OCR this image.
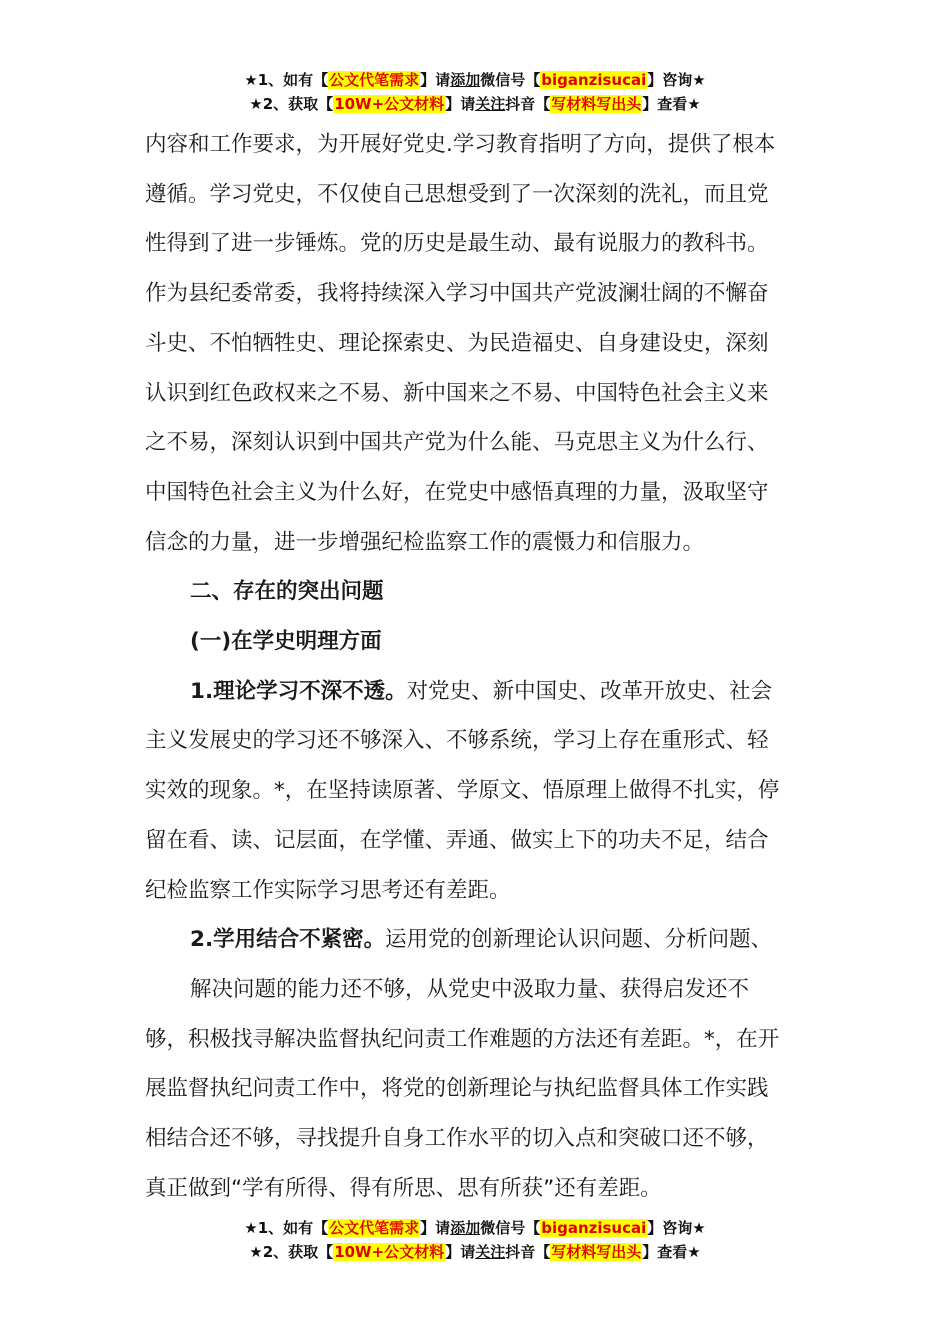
★1、如有【公文代笔需求】请添加微信号【biganzisucai】咨询★
★2、获取【10W+公文材料】请关注抖音【写材料写出头】查看★

内容和工作要求，为开展好党史.学习教育指明了方向，提供了根本

遵循。学习党史，不仅使自己思想受到了一次深刻的洗礼，而且党

性得到了进一步锤炼。党的历史是最生动、最有说服力的教科书。

作为县纪委常委，我将持续深入学习中国共产党波澜壮阔的不懈奋

斗史、不怕牺牲史、理论探索史、为民造福史、自身建设史，深刻

认识到红色政权来之不易、新中国来之不易、中国特色社会主义来

之不易，深刻认识到中国共产党为什么能、马克思主义为什么行、

中国特色社会主义为什么好，在党史中感悟真理的力量，汲取坚守

信念的力量，进一步增强纪检监察工作的震慑力和信服力。

二、存在的突出问题

(一)在学史明理方面

1.理论学习不深不透。对党史、新中国史、改革开放史、社会

主义发展史的学习还不够深入、不够系统，学习上存在重形式、轻

实效的现象。*，在坚持读原著、学原文、悟原理上做得不扎实，停

留在看、读、记层面，在学懂、弄通、做实上下的功夫不足，结合

纪检监察工作实际学习思考还有差距。

2.学用结合不紧密。运用党的创新理论认识问题、分析问题、

解决问题的能力还不够，从党史中汲取力量、获得启发还不

够，积极找寻解决监督执纪问责工作难题的方法还有差距。*，在开

展监督执纪问责工作中，将党的创新理论与执纪监督具体工作实践

相结合还不够，寻找提升自身工作水平的切入点和突破口还不够，

真正做到“学有所得、得有所思、思有所获”还有差距。

★1、如有【公文代笔需求】请添加微信号【biganzisucai】咨询★
★2、获取【10W+公文材料】请关注抖音【写材料写出头】查看★
